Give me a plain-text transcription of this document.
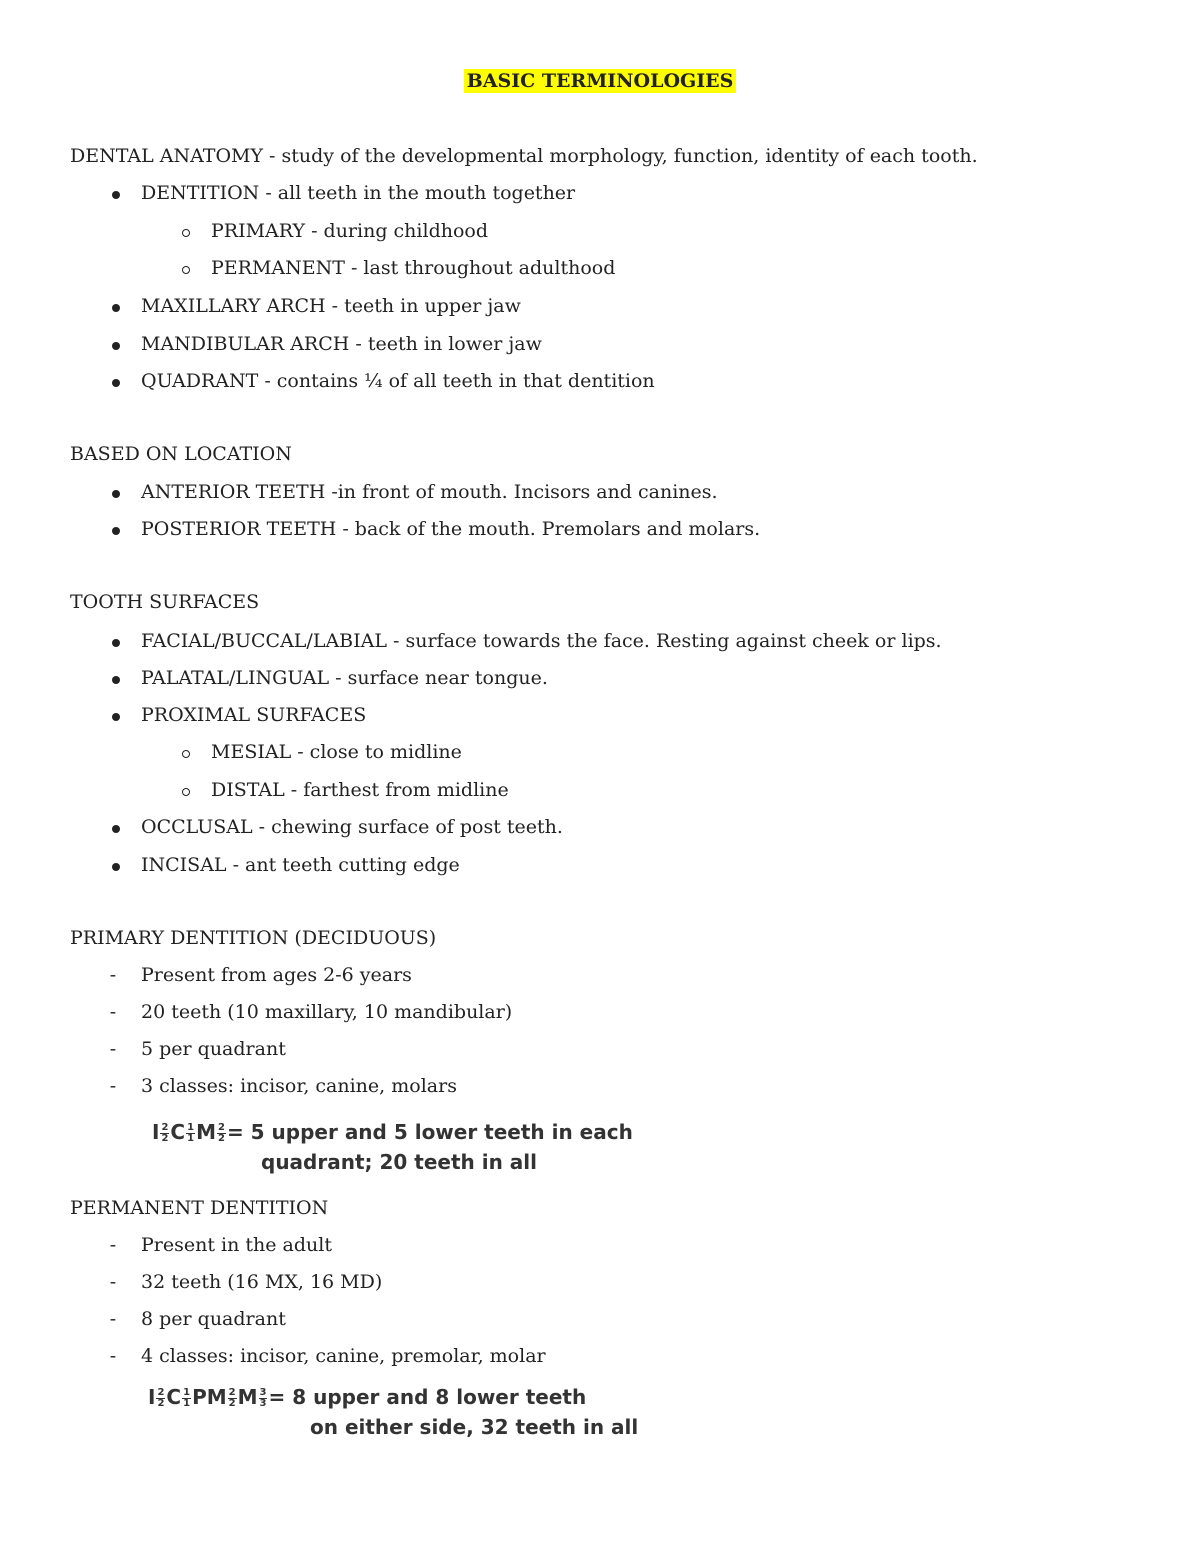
BASIC TERMINOLOGIES
DENTAL ANATOMY - study of the developmental morphology, function, identity of each tooth.
DENTITION - all teeth in the mouth together
PRIMARY - during childhood
PERMANENT - last throughout adulthood
MAXILLARY ARCH - teeth in upper jaw
MANDIBULAR ARCH - teeth in lower jaw
QUADRANT - contains ¼ of all teeth in that dentition
BASED ON LOCATION
ANTERIOR TEETH -in front of mouth. Incisors and canines.
POSTERIOR TEETH - back of the mouth. Premolars and molars.
TOOTH SURFACES
FACIAL/BUCCAL/LABIAL - surface towards the face. Resting against cheek or lips.
PALATAL/LINGUAL - surface near tongue.
PROXIMAL SURFACES
MESIAL - close to midline
DISTAL - farthest from midline
OCCLUSAL - chewing surface of post teeth.
INCISAL - ant teeth cutting edge
PRIMARY DENTITION (DECIDUOUS)
-	Present from ages 2-6 years
-	20 teeth (10 maxillary, 10 mandibular)
-	5 per quadrant
-	3 classes: incisor, canine, molars
I $\frac{2}{2}$ C $\frac{1}{1}$ M $\frac{2}{2} = 5$ upper and 5 lower teeth in each
quadrant; 20 teeth in all
PERMANENT DENTITION
-	Present in the adult
-	32 teeth (16 MX, 16 MD)
-	8 per quadrant
-	4 classes: incisor, canine, premolar, molar
I $\frac{2}{2}$ C $\frac{1}{1}$ PM $\frac{2}{2}$ M $\frac{3}{3} = 8$ upper and 8 lower teeth
on either side, 32 teeth in all
